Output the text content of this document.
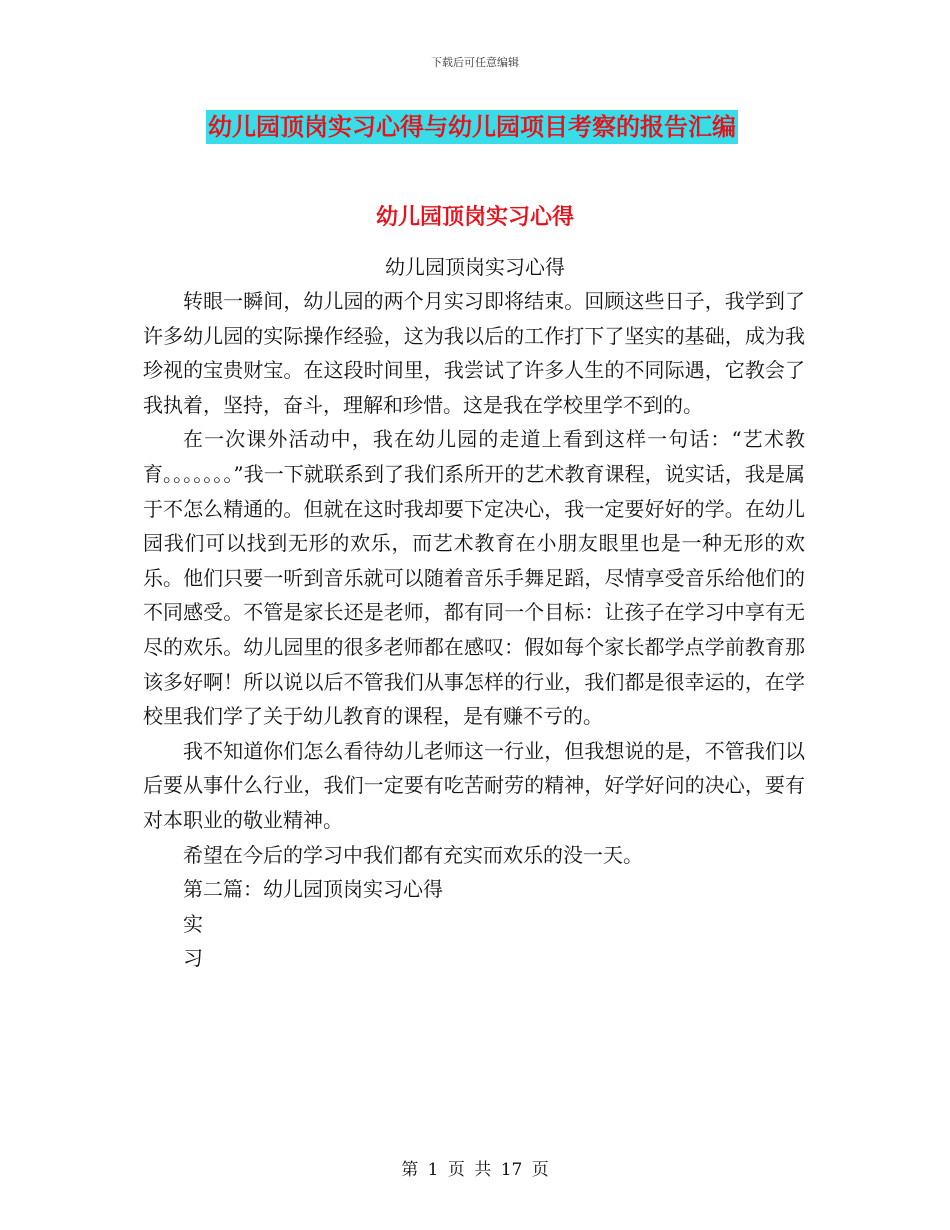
下载后可任意编辑
幼儿园顶岗实习心得与幼儿园项目考察的报告汇编
幼儿园顶岗实习心得
幼儿园顶岗实习心得

转眼一瞬间，幼儿园的两个月实习即将结束。回顾这些日子，我学到了许多幼儿园的实际操作经验，这为我以后的工作打下了坚实的基础，成为我珍视的宝贵财宝。在这段时间里，我尝试了许多人生的不同际遇，它教会了我执着，坚持，奋斗，理解和珍惜。这是我在学校里学不到的。

在一次课外活动中，我在幼儿园的走道上看到这样一句话：“艺术教育。。。。。。。”我一下就联系到了我们系所开的艺术教育课程，说实话，我是属于不怎么精通的。但就在这时我却要下定决心，我一定要好好的学。在幼儿园我们可以找到无形的欢乐，而艺术教育在小朋友眼里也是一种无形的欢乐。他们只要一听到音乐就可以随着音乐手舞足蹈，尽情享受音乐给他们的不同感受。不管是家长还是老师，都有同一个目标：让孩子在学习中享有无尽的欢乐。幼儿园里的很多老师都在感叹：假如每个家长都学点学前教育那该多好啊！所以说以后不管我们从事怎样的行业，我们都是很幸运的，在学校里我们学了关于幼儿教育的课程，是有赚不亏的。

我不知道你们怎么看待幼儿老师这一行业，但我想说的是，不管我们以后要从事什么行业，我们一定要有吃苦耐劳的精神，好学好问的决心，要有对本职业的敬业精神。

希望在今后的学习中我们都有充实而欢乐的没一天。

第二篇：幼儿园顶岗实习心得

实

习

第 1 页 共 17 页
